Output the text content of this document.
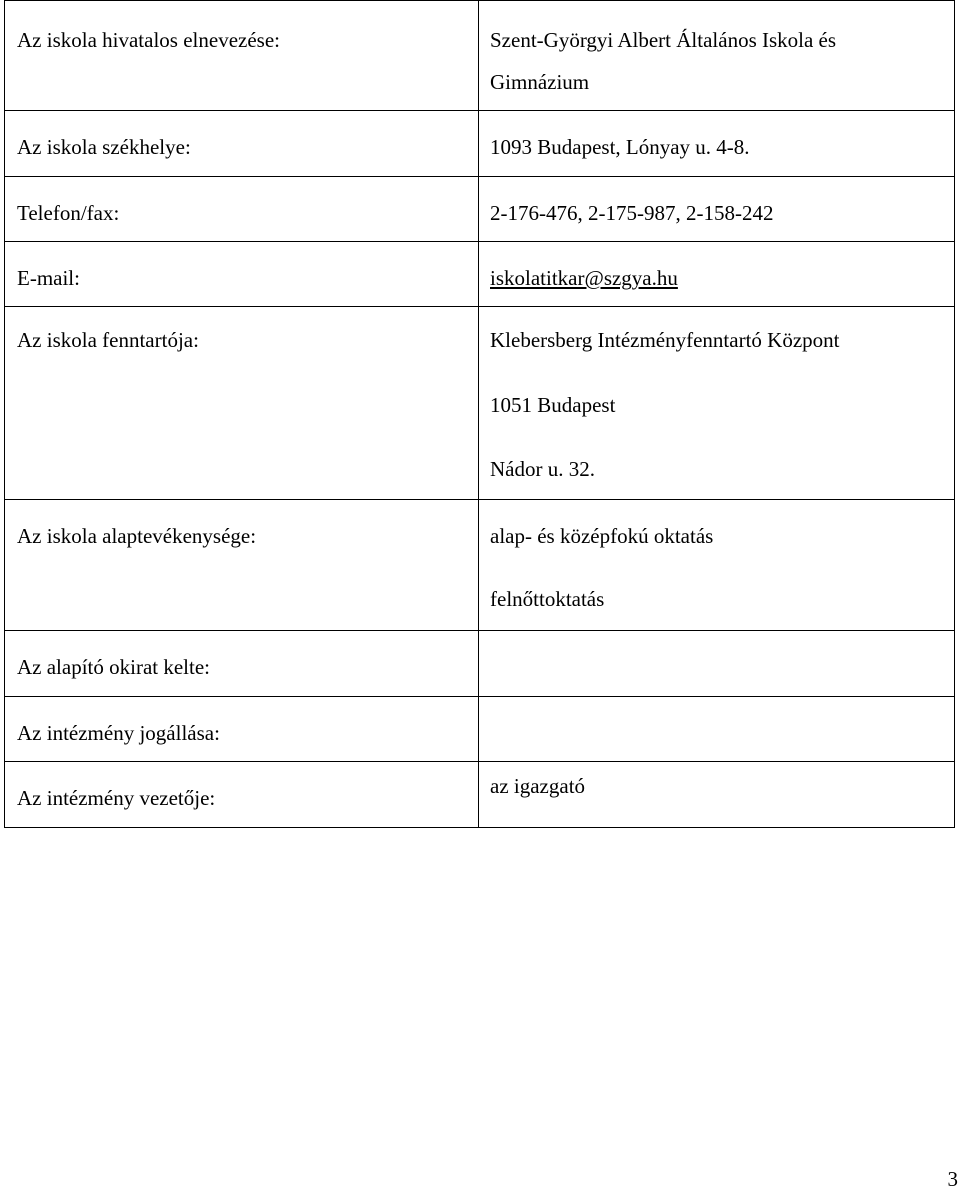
Az iskola hivatalos elnevezése:	Szent-Györgyi Albert Általános Iskola és
Gimnázium

Az iskola székhelye:	1093 Budapest, Lónyay u. 4-8.

Telefon/fax:	2-176-476, 2-175-987, 2-158-242

E-mail:	iskolatitkar@szgya.hu

Az iskola fenntartója:	Klebersberg Intézményfenntartó Központ
1051 Budapest
Nádor u. 32.

Az iskola alaptevékenysége:	alap- és középfokú oktatás
felnőttoktatás

Az alapító okirat kelte:	

Az intézmény jogállása:	

Az intézmény vezetője:	az igazgató
3
